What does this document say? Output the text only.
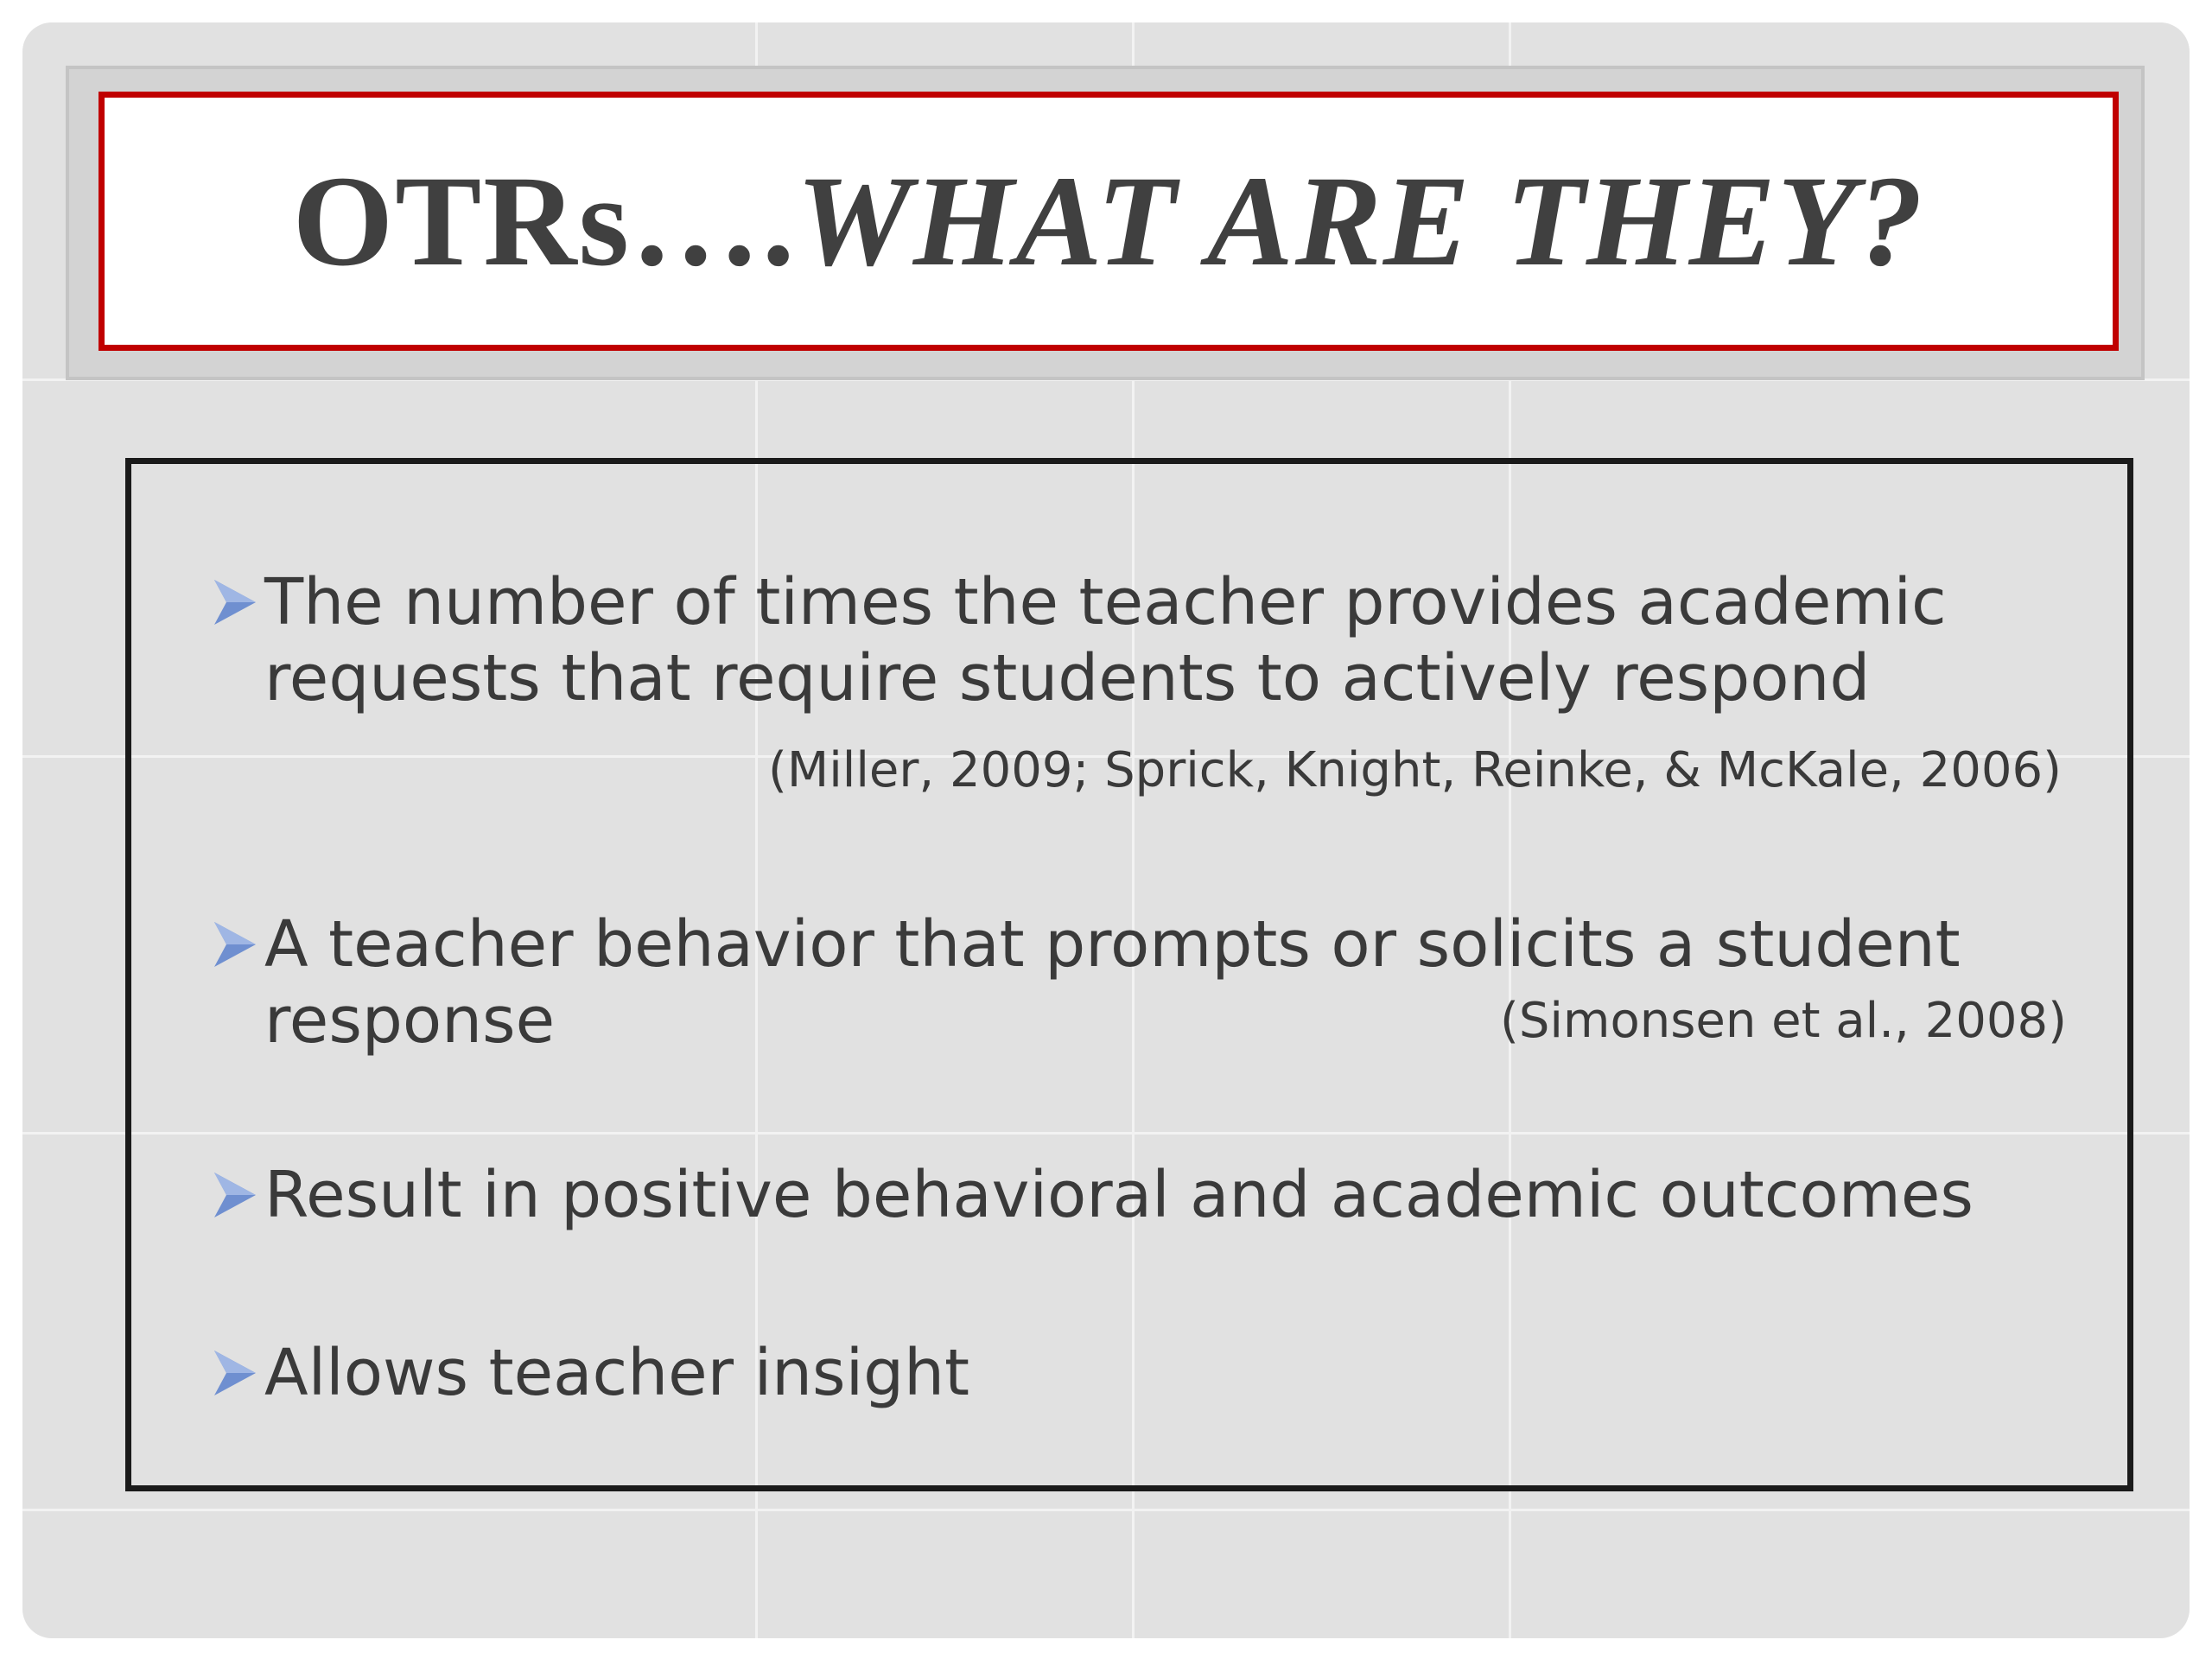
OTRs….WHAT ARE THEY?
The number of times the teacher provides academic
requests that require students to actively respond
(Miller, 2009; Sprick, Knight, Reinke, & McKale, 2006)
A teacher behavior that prompts or solicits a student
response	(Simonsen et al., 2008)
Result in positive behavioral and academic outcomes
Allows teacher insight
